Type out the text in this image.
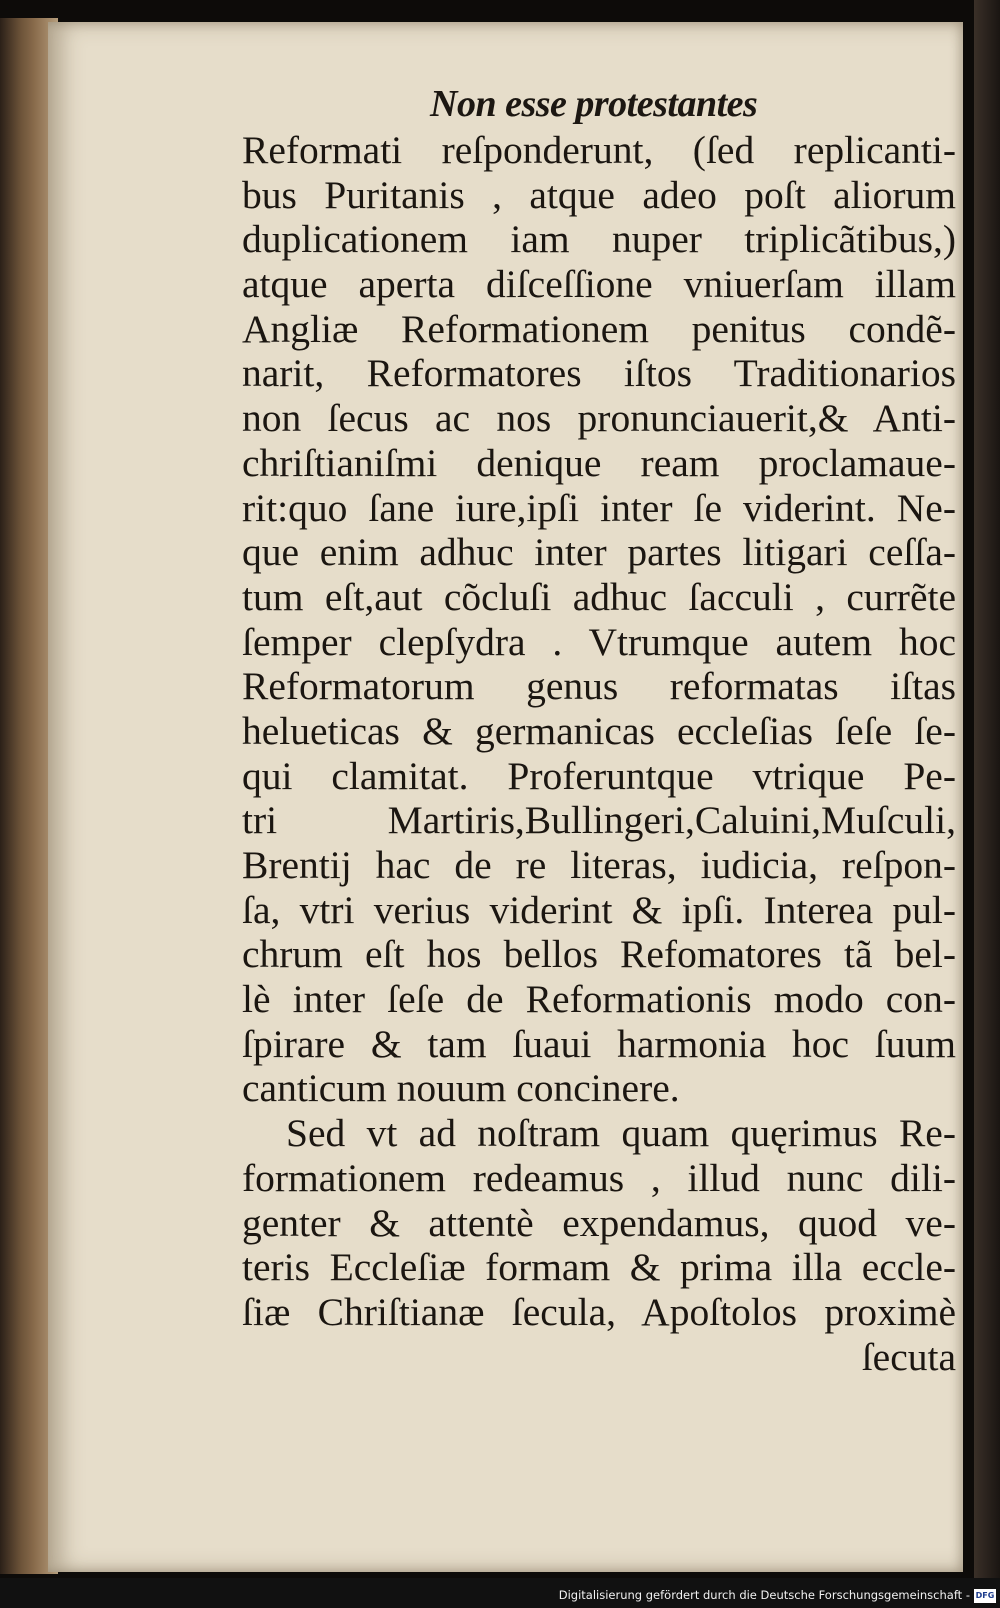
Non esse protestantes
Reformati reſponderunt, (ſed replicanti-
bus Puritanis , atque adeo poſt aliorum
duplicationem iam nuper triplicãtibus,)
atque aperta diſceſſione vniuerſam illam
Angliæ Reformationem penitus condẽ-
narit, Reformatores iſtos Traditionarios
non ſecus ac nos pronunciauerit,& Anti-
chriſtianiſmi denique ream proclamaue-
rit:quo ſane iure,ipſi inter ſe viderint. Ne-
que enim adhuc inter partes litigari ceſſa-
tum eſt,aut cõcluſi adhuc ſacculi , currẽte
ſemper clepſydra . Vtrumque autem hoc
Reformatorum genus reformatas iſtas
helueticas & germanicas eccleſias ſeſe ſe-
qui clamitat. Proferuntque vtrique Pe-
tri Martiris,Bullingeri,Caluini,Muſculi,
Brentij hac de re literas, iudicia, reſpon-
ſa, vtri verius viderint & ipſi. Interea pul-
chrum eſt hos bellos Refomatores tã bel-
lè inter ſeſe de Reformationis modo con-
ſpirare & tam ſuaui harmonia hoc ſuum
canticum nouum concinere.
Sed vt ad noſtram quam quęrimus Re-
formationem redeamus , illud nunc dili-
genter & attentè expendamus, quod ve-
teris Eccleſiæ formam & prima illa eccle-
ſiæ Chriſtianæ ſecula, Apoſtolos proximè
ſecuta
Digitalisierung gefördert durch die Deutsche Forschungsgemeinschaft - DFG
